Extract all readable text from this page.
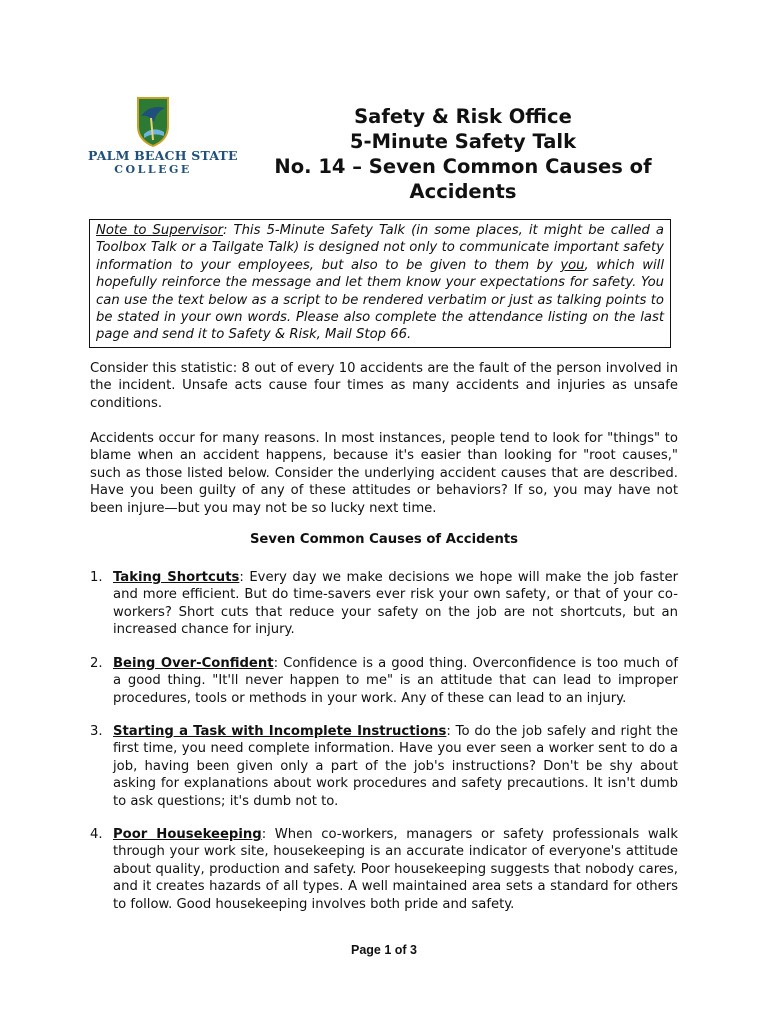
PALM BEACH STATE
COLLEGE
Safety & Risk Office
5-Minute Safety Talk
No. 14 – Seven Common Causes of
Accidents
Note to Supervisor: This 5-Minute Safety Talk (in some places, it might be called a Toolbox Talk or a Tailgate Talk) is designed not only to communicate important safety information to your employees, but also to be given to them by you, which will hopefully reinforce the message and let them know your expectations for safety. You can use the text below as a script to be rendered verbatim or just as talking points to be stated in your own words. Please also complete the attendance listing on the last page and send it to Safety & Risk, Mail Stop 66.
Consider this statistic: 8 out of every 10 accidents are the fault of the person involved in the incident. Unsafe acts cause four times as many accidents and injuries as unsafe conditions.
Accidents occur for many reasons. In most instances, people tend to look for "things" to blame when an accident happens, because it's easier than looking for "root causes," such as those listed below. Consider the underlying accident causes that are described. Have you been guilty of any of these attitudes or behaviors? If so, you may have not been injure—but you may not be so lucky next time.
Seven Common Causes of Accidents
1. Taking Shortcuts: Every day we make decisions we hope will make the job faster and more efficient. But do time-savers ever risk your own safety, or that of your co-workers? Short cuts that reduce your safety on the job are not shortcuts, but an increased chance for injury.
2. Being Over-Confident: Confidence is a good thing. Overconfidence is too much of a good thing. "It'll never happen to me" is an attitude that can lead to improper procedures, tools or methods in your work. Any of these can lead to an injury.
3. Starting a Task with Incomplete Instructions: To do the job safely and right the first time, you need complete information. Have you ever seen a worker sent to do a job, having been given only a part of the job's instructions? Don't be shy about asking for explanations about work procedures and safety precautions. It isn't dumb to ask questions; it's dumb not to.
4. Poor Housekeeping: When co-workers, managers or safety professionals walk through your work site, housekeeping is an accurate indicator of everyone's attitude about quality, production and safety. Poor housekeeping suggests that nobody cares, and it creates hazards of all types. A well maintained area sets a standard for others to follow. Good housekeeping involves both pride and safety.
Page 1 of 3
